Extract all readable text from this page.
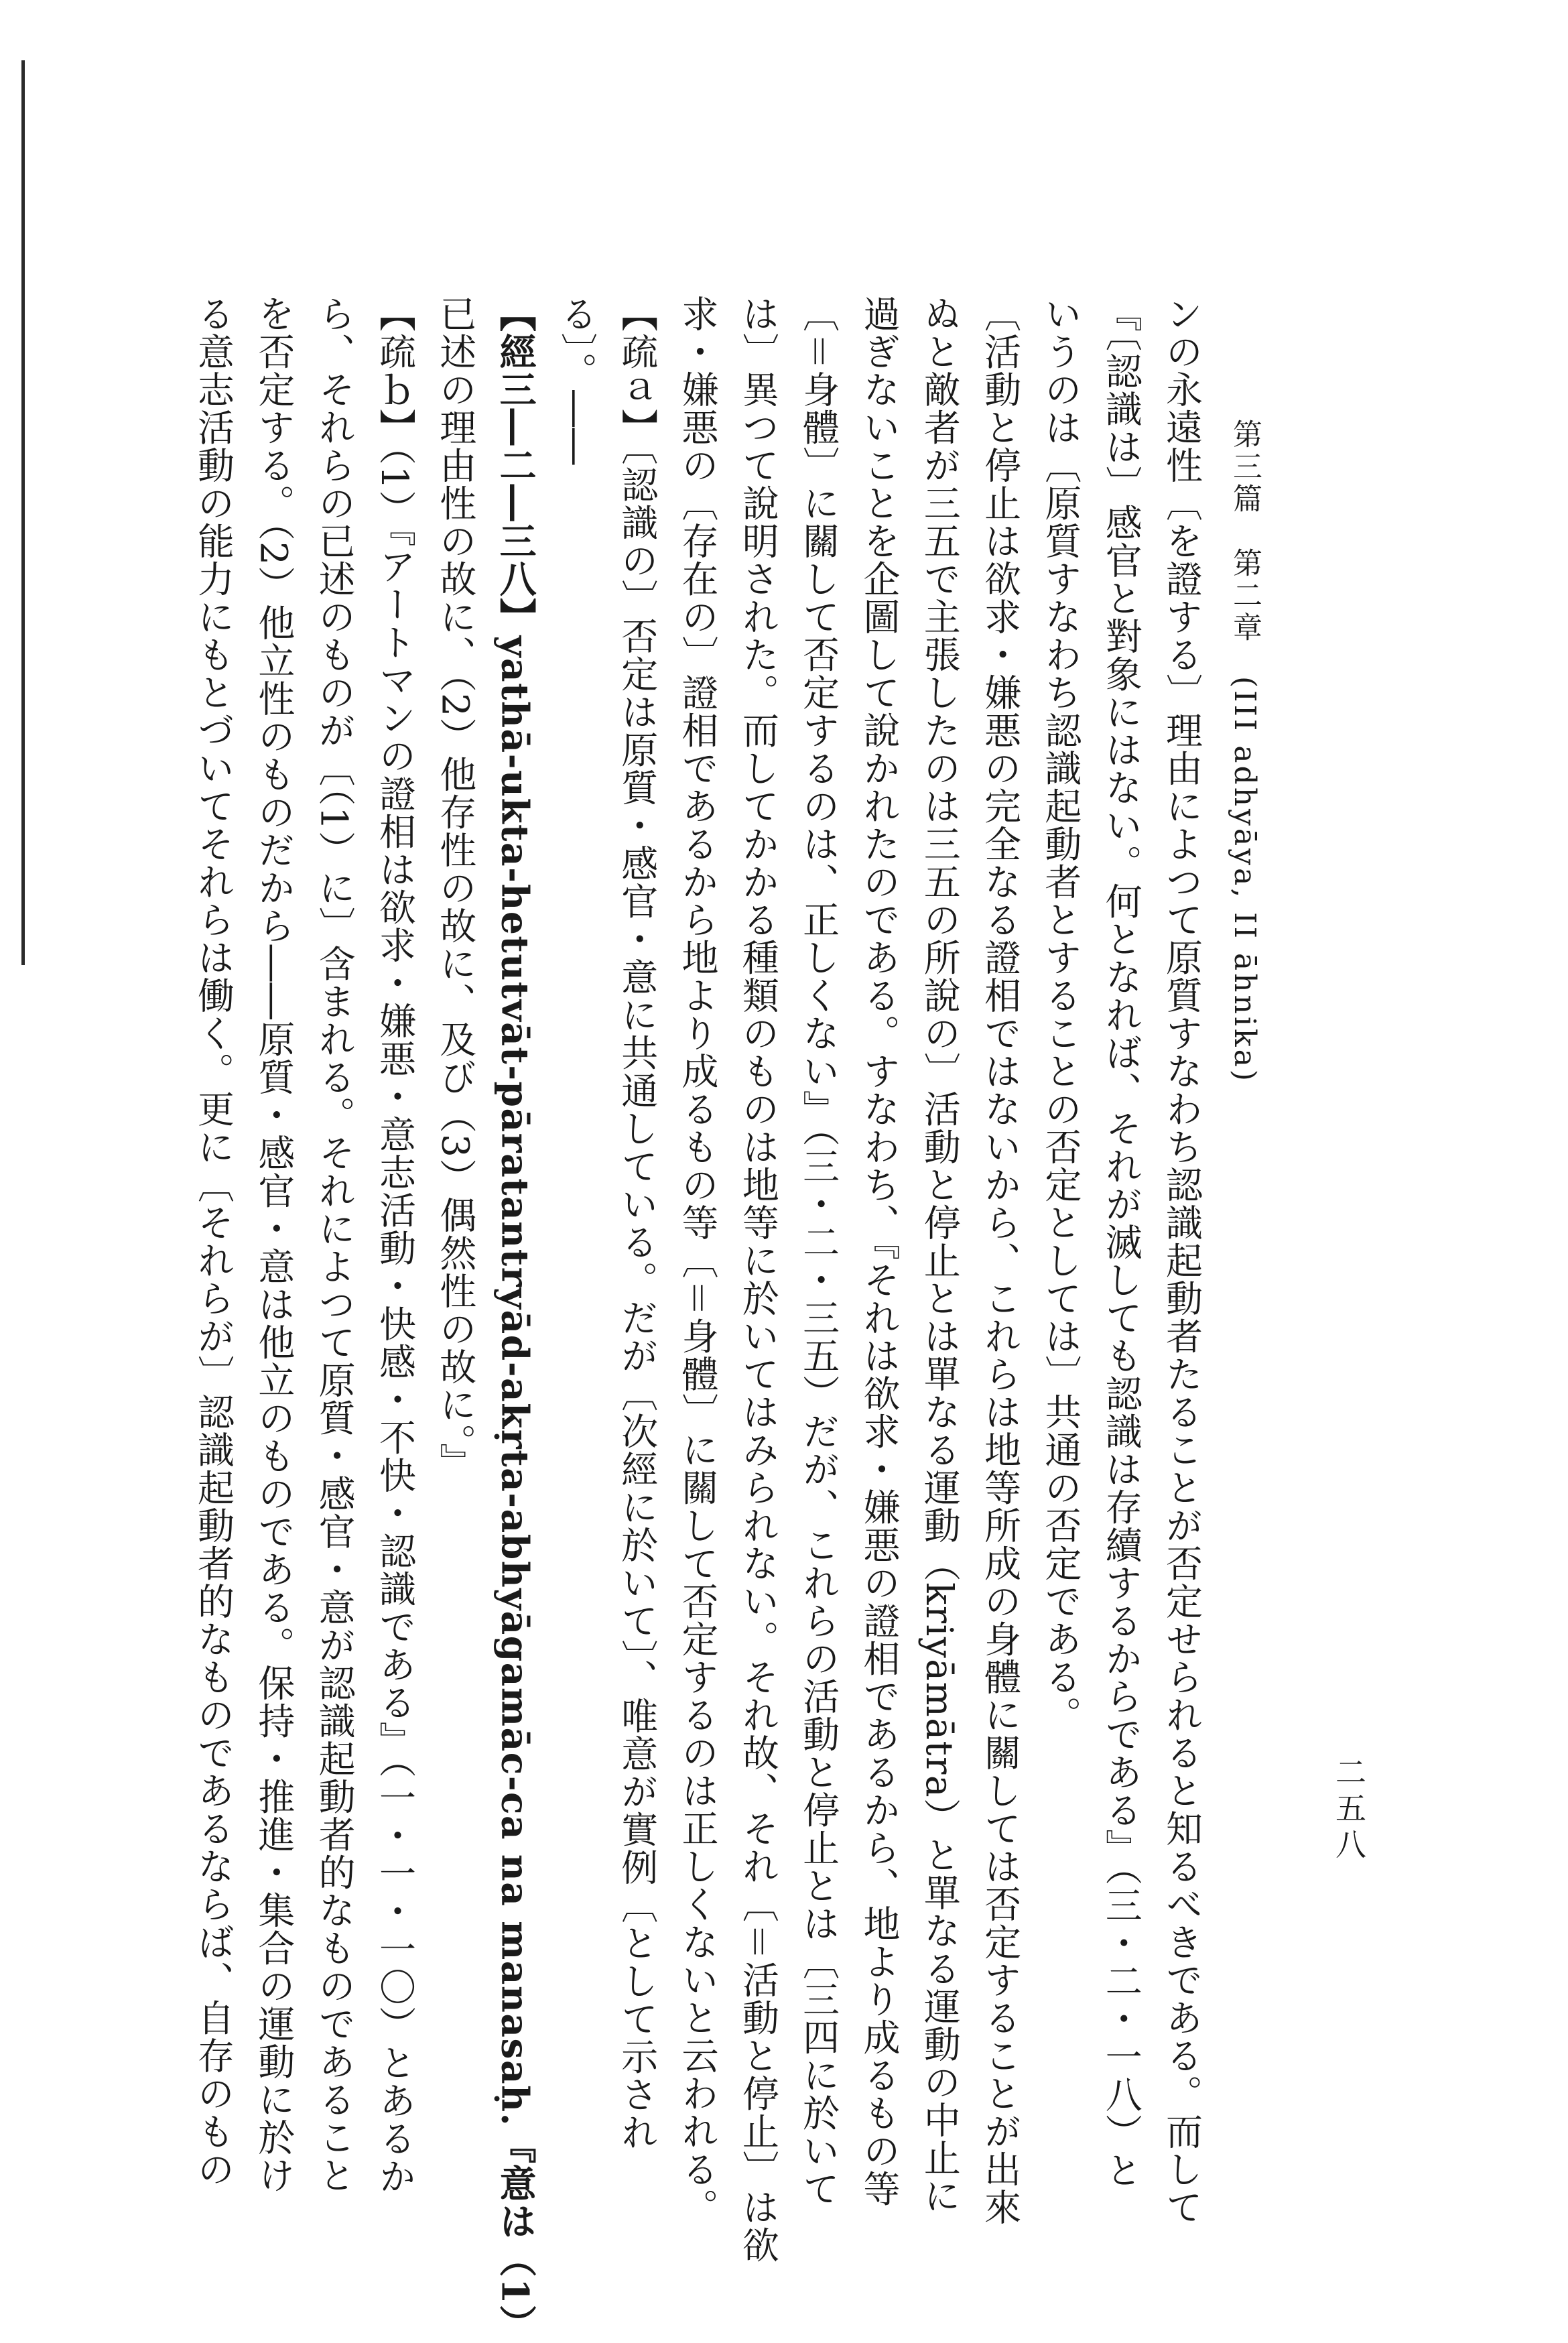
二五八
第三篇　第二章　(III adhyāya, II āhnika)
ンの永遠性〔を證する〕理由によつて原質すなわち認識起動者たることが否定せられると知るべきである。而して
『〔認識は〕感官と對象にはない。何となれば、それが滅しても認識は存續するからである』（三・二・一八）と
いうのは〔原質すなわち認識起動者とすることの否定としては〕共通の否定である。
〔活動と停止は欲求・嫌悪の完全なる證相ではないから、これらは地等所成の身體に關しては否定することが出來
ぬと敵者が三五で主張したのは三五の所說の〕活動と停止とは單なる運動（kriyāmātra）と單なる運動の中止に
過ぎないことを企圖して說かれたのである。すなわち、『それは欲求・嫌悪の證相であるから、地より成るもの等
〔＝身體〕に關して否定するのは、正しくない』（三・二・三五）だが、これらの活動と停止とは〔三四に於いて
は〕異つて說明された。而してかかる種類のものは地等に於いてはみられない。それ故、それ〔＝活動と停止〕は欲
求・嫌悪の〔存在の〕證相であるから地より成るもの等〔＝身體〕に關して否定するのは正しくないと云われる。
【疏ａ】〔認識の〕否定は原質・感官・意に共通している。だが〔次經に於いて〕、唯意が實例〔として示され
る〕。――
【經三―二―三八】yathā-ukta-hetutvāt-pāratantryād-akṛta-abhyāgamāc-ca na manasaḥ.『意は（1）
已述の理由性の故に、（2）他存性の故に、及び（3）偶然性の故に。』
【疏ｂ】（1）『アートマンの證相は欲求・嫌悪・意志活動・快感・不快・認識である』（一・一・一〇）とあるか
ら、それらの已述のものが〔（1）に〕含まれる。それによつて原質・感官・意が認識起動者的なものであること
を否定する。（2）他立性のものだから――原質・感官・意は他立のものである。保持・推進・集合の運動に於け
る意志活動の能力にもとづいてそれらは働く。更に〔それらが〕認識起動者的なものであるならば、自存のもの
